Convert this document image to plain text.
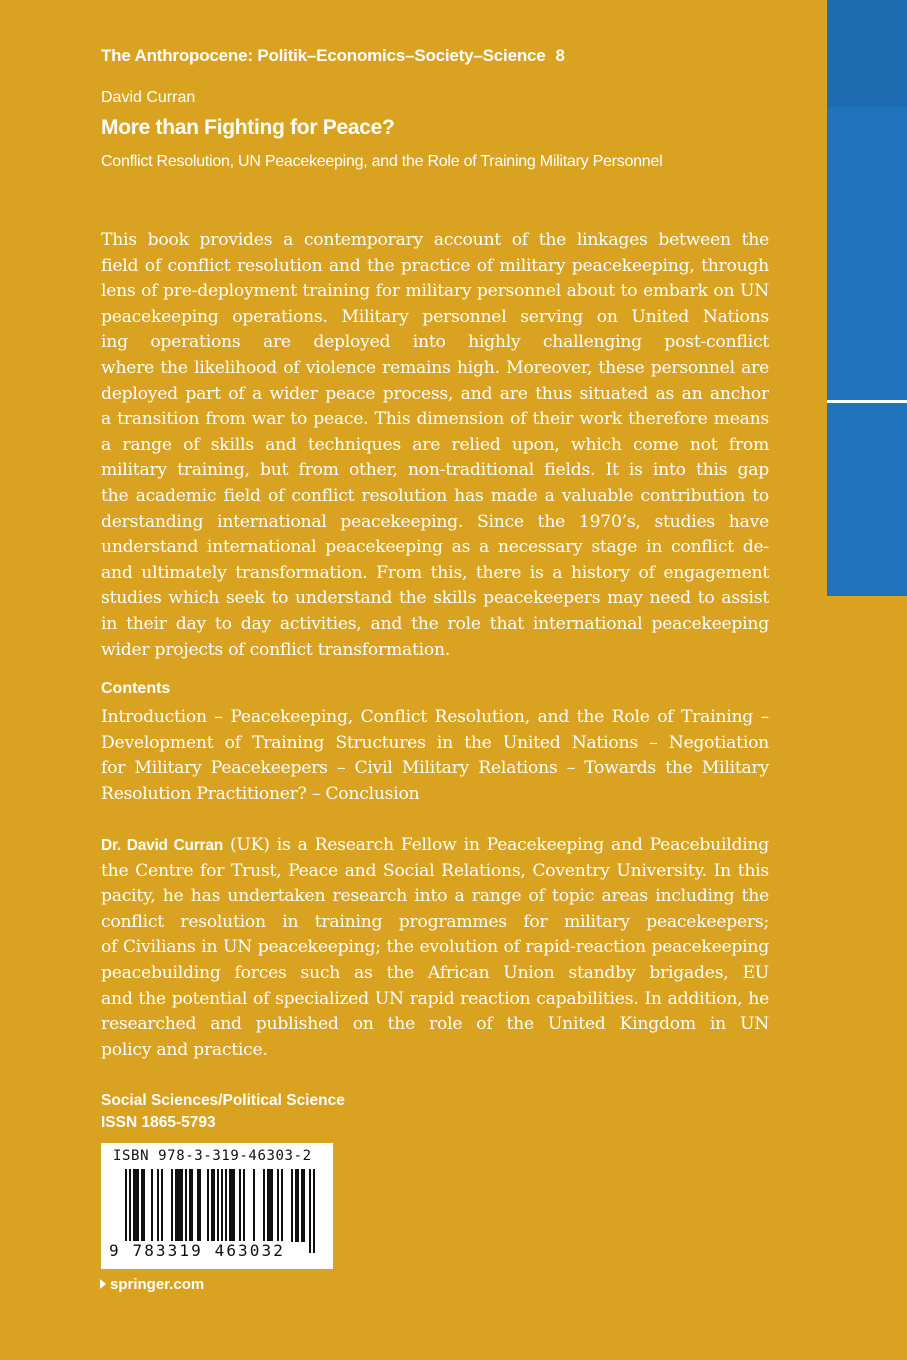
The Anthropocene: Politik–Economics–Society–Science 8
David Curran
More than Fighting for Peace?
Conflict Resolution, UN Peacekeeping, and the Role of Training Military Personnel
This book provides a contemporary account of the linkages between the
field of conflict resolution and the practice of military peacekeeping, through
lens of pre-deployment training for military personnel about to embark on UN
peacekeeping operations. Military personnel serving on United Nations
ing operations are deployed into highly challenging post-conflict
where the likelihood of violence remains high. Moreover, these personnel are
deployed part of a wider peace process, and are thus situated as an anchor
a transition from war to peace. This dimension of their work therefore means
a range of skills and techniques are relied upon, which come not from
military training, but from other, non-traditional fields. It is into this gap
the academic field of conflict resolution has made a valuable contribution to
derstanding international peacekeeping. Since the 1970’s, studies have
understand international peacekeeping as a necessary stage in conflict de-
and ultimately transformation. From this, there is a history of engagement
studies which seek to understand the skills peacekeepers may need to assist
in their day to day activities, and the role that international peacekeeping
wider projects of conflict transformation.
Contents
Introduction – Peacekeeping, Conflict Resolution, and the Role of Training –
Development of Training Structures in the United Nations – Negotiation
for Military Peacekeepers – Civil Military Relations – Towards the Military
Resolution Practitioner? – Conclusion
Dr. David Curran (UK) is a Research Fellow in Peacekeeping and Peacebuilding
the Centre for Trust, Peace and Social Relations, Coventry University. In this
pacity, he has undertaken research into a range of topic areas including the
conflict resolution in training programmes for military peacekeepers;
of Civilians in UN peacekeeping; the evolution of rapid-reaction peacekeeping
peacebuilding forces such as the African Union standby brigades, EU
and the potential of specialized UN rapid reaction capabilities. In addition, he
researched and published on the role of the United Kingdom in UN
policy and practice.
Social Sciences/Political Science
ISSN 1865-5793
ISBN 978-3-319-46303-2
9 783319 463032
springer.com
